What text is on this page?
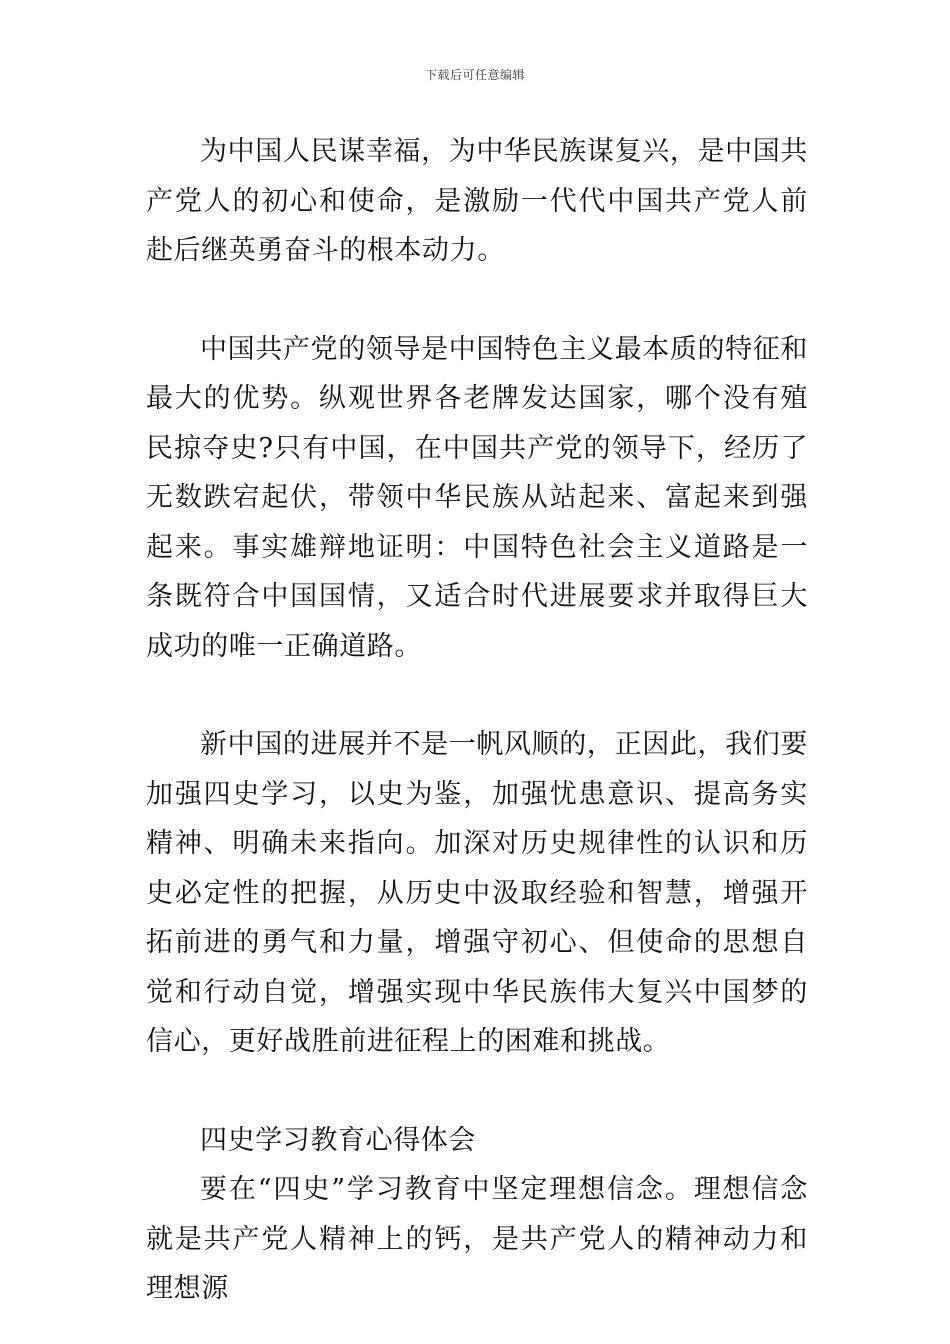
下载后可任意编辑

为中国人民谋幸福，为中华民族谋复兴，是中国共产党人的初心和使命，是激励一代代中国共产党人前赴后继英勇奋斗的根本动力。

中国共产党的领导是中国特色主义最本质的特征和最大的优势。纵观世界各老牌发达国家，哪个没有殖民掠夺史?只有中国，在中国共产党的领导下，经历了无数跌宕起伏，带领中华民族从站起来、富起来到强起来。事实雄辩地证明：中国特色社会主义道路是一条既符合中国国情，又适合时代进展要求并取得巨大成功的唯一正确道路。

新中国的进展并不是一帆风顺的，正因此，我们要加强四史学习，以史为鉴，加强忧患意识、提高务实精神、明确未来指向。加深对历史规律性的认识和历史必定性的把握，从历史中汲取经验和智慧，增强开拓前进的勇气和力量，增强守初心、但使命的思想自觉和行动自觉，增强实现中华民族伟大复兴中国梦的信心，更好战胜前进征程上的困难和挑战。

四史学习教育心得体会

要在“四史”学习教育中坚定理想信念。理想信念就是共产党人精神上的钙，是共产党人的精神动力和理想源
